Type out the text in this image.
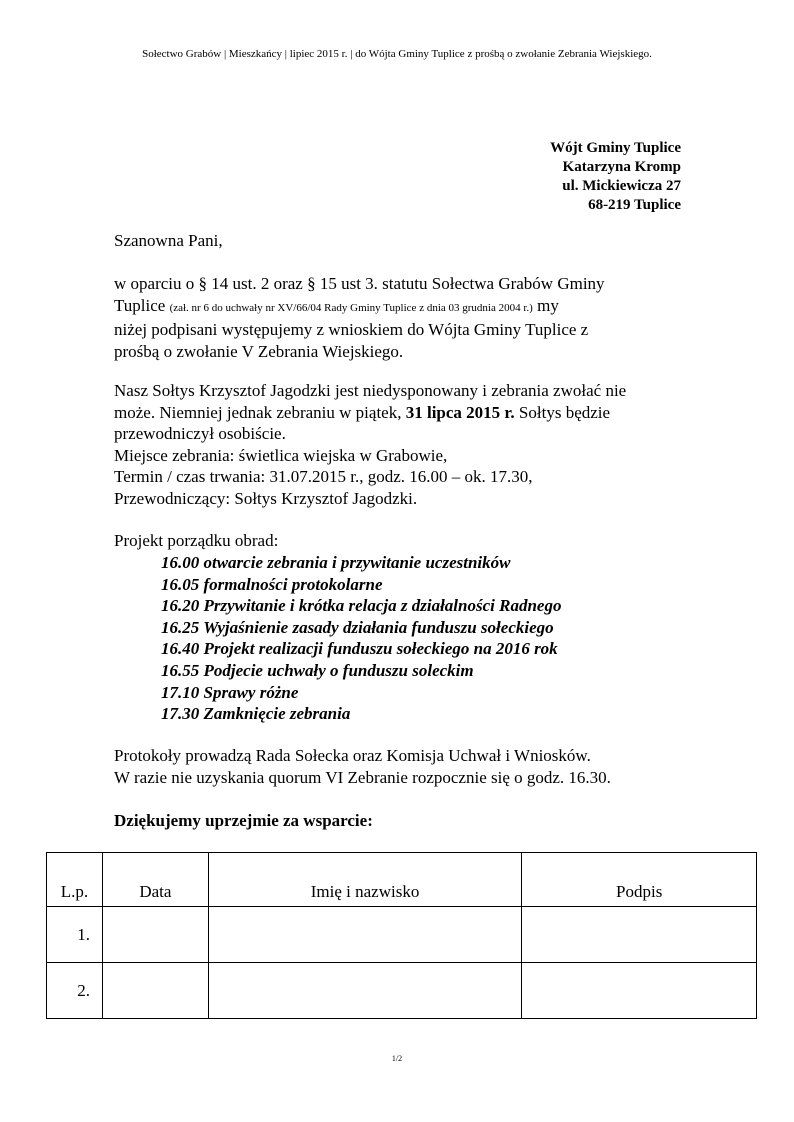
Sołectwo Grabów | Mieszkańcy | lipiec 2015 r. | do Wójta Gminy Tuplice z prośbą o zwołanie Zebrania Wiejskiego.
Wójt Gminy Tuplice
Katarzyna Kromp
ul. Mickiewicza 27
68-219 Tuplice
Szanowna Pani,
w oparciu o § 14 ust. 2 oraz § 15 ust 3. statutu Sołectwa Grabów Gminy
Tuplice (zał. nr 6 do uchwały nr XV/66/04 Rady Gminy Tuplice z dnia 03 grudnia 2004 r.) my
niżej podpisani występujemy z wnioskiem do Wójta Gminy Tuplice z
prośbą o zwołanie V Zebrania Wiejskiego.
Nasz Sołtys Krzysztof Jagodzki jest niedysponowany i zebrania zwołać nie
może. Niemniej jednak zebraniu w piątek, 31 lipca 2015 r. Sołtys będzie
przewodniczył osobiście.
Miejsce zebrania: świetlica wiejska w Grabowie,
Termin / czas trwania: 31.07.2015 r., godz. 16.00 – ok. 17.30,
Przewodniczący: Sołtys Krzysztof Jagodzki.
Projekt porządku obrad:
16.00 otwarcie zebrania i przywitanie uczestników
16.05 formalności protokolarne
16.20 Przywitanie i krótka relacja z działalności Radnego
16.25 Wyjaśnienie zasady działania funduszu sołeckiego
16.40 Projekt realizacji funduszu sołeckiego na 2016 rok
16.55 Podjecie uchwały o funduszu soleckim
17.10 Sprawy różne
17.30 Zamknięcie zebrania
Protokoły prowadzą Rada Sołecka oraz Komisja Uchwał i Wniosków.
W razie nie uzyskania quorum VI Zebranie rozpocznie się o godz. 16.30.
Dziękujemy uprzejmie za wsparcie:
L.p.	Data	Imię i nazwisko	Podpis
1.			
2.			
1/2
